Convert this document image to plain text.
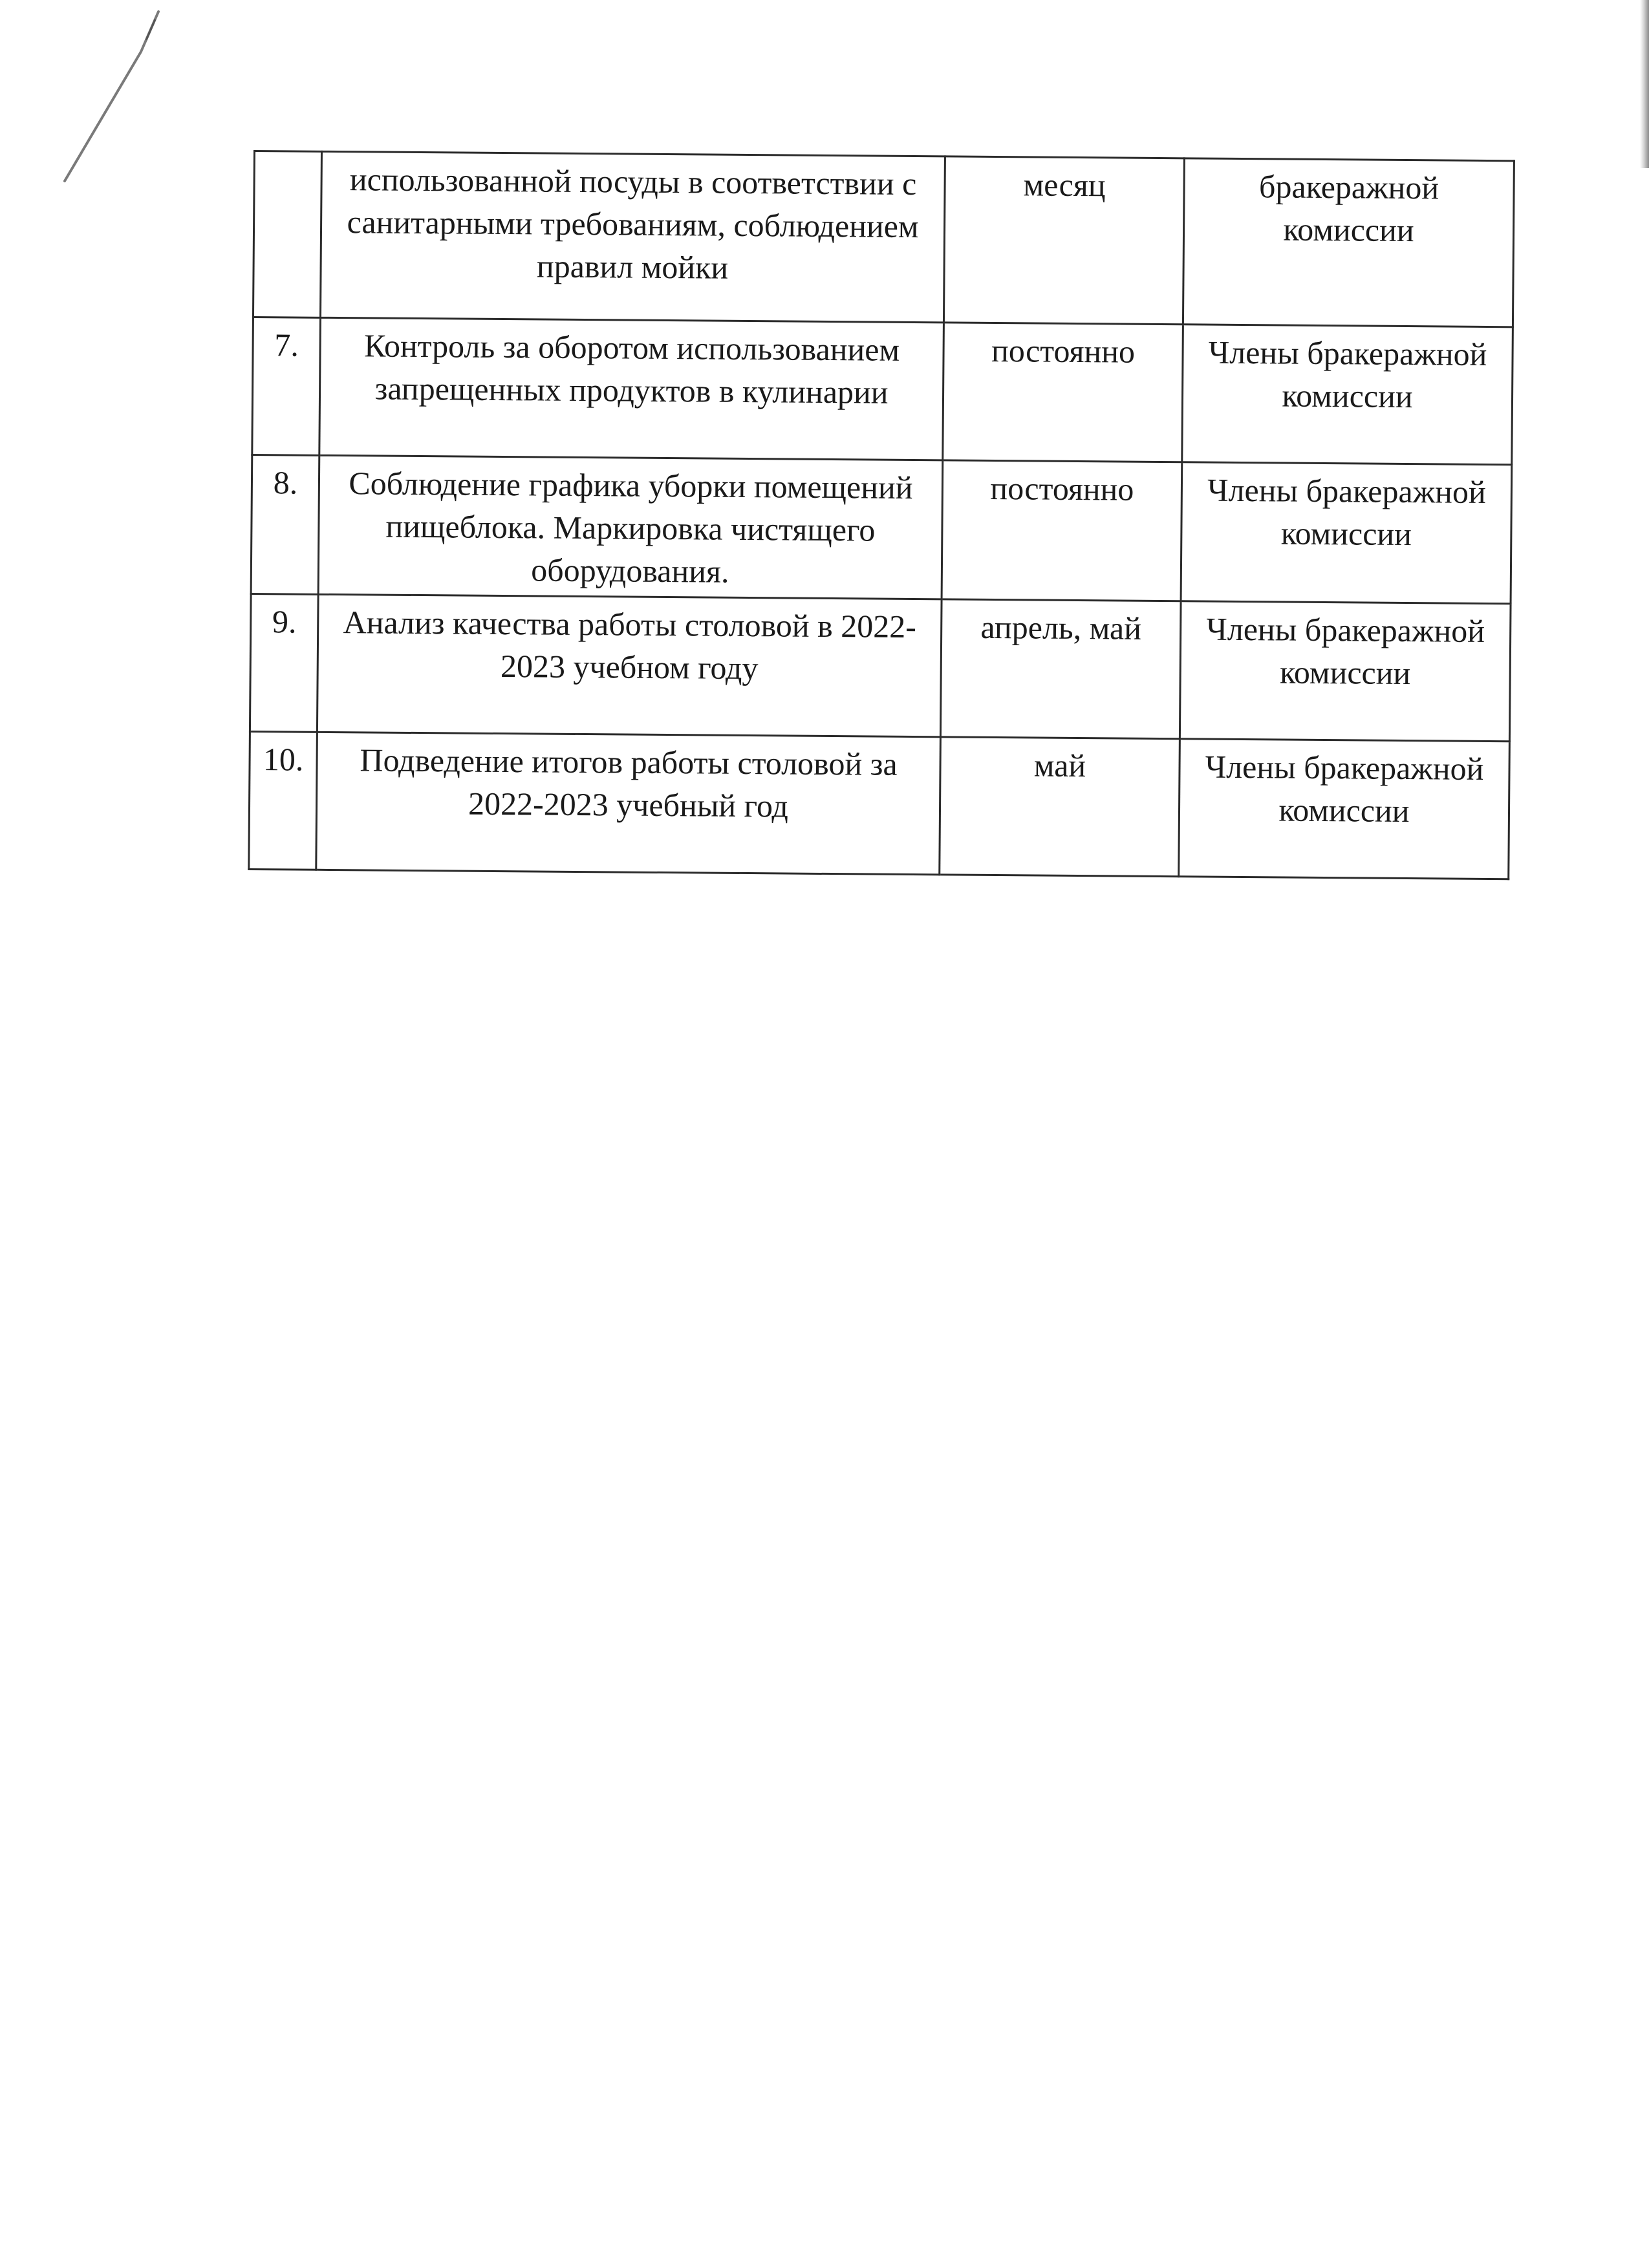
	использованной посуды в соответствии с санитарными требованиям, соблюдением правил мойки	месяц	бракеражной комиссии
7.	Контроль за оборотом использованием запрещенных продуктов в кулинарии	постоянно	Члены бракеражной комиссии
8.	Соблюдение графика уборки помещений пищеблока. Маркировка чистящего оборудования.	постоянно	Члены бракеражной комиссии
9.	Анализ качества работы столовой в 2022-2023 учебном году	апрель, май	Члены бракеражной комиссии
10.	Подведение итогов работы столовой за 2022-2023 учебный год	май	Члены бракеражной комиссии
